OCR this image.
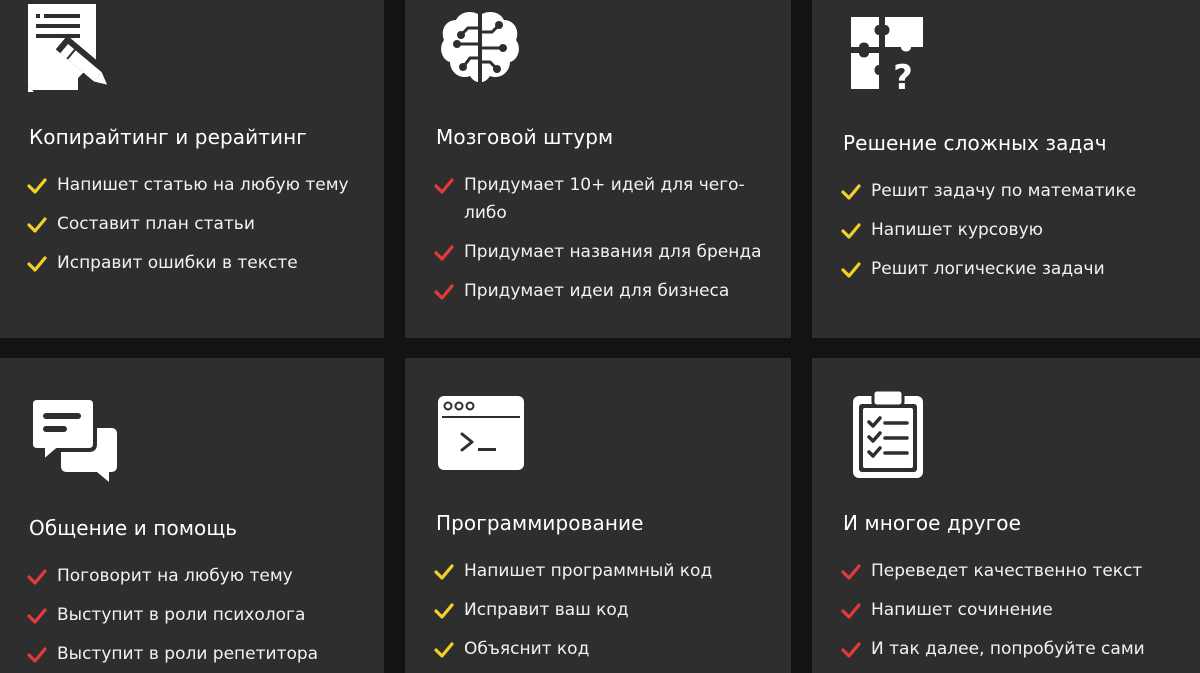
Копирайтинг и рерайтинг
Напишет статью на любую тему
Составит план статьи
Исправит ошибки в тексте
Мозговой штурм
Придумает 10+ идей для чего-либо
Придумает названия для бренда
Придумает идеи для бизнеса
?
Решение сложных задач
Решит задачу по математике
Напишет курсовую
Решит логические задачи
Общение и помощь
Поговорит на любую тему
Выступит в роли психолога
Выступит в роли репетитора
Программирование
Напишет программный код
Исправит ваш код
Объяснит код
И многое другое
Переведет качественно текст
Напишет сочинение
И так далее, попробуйте сами
